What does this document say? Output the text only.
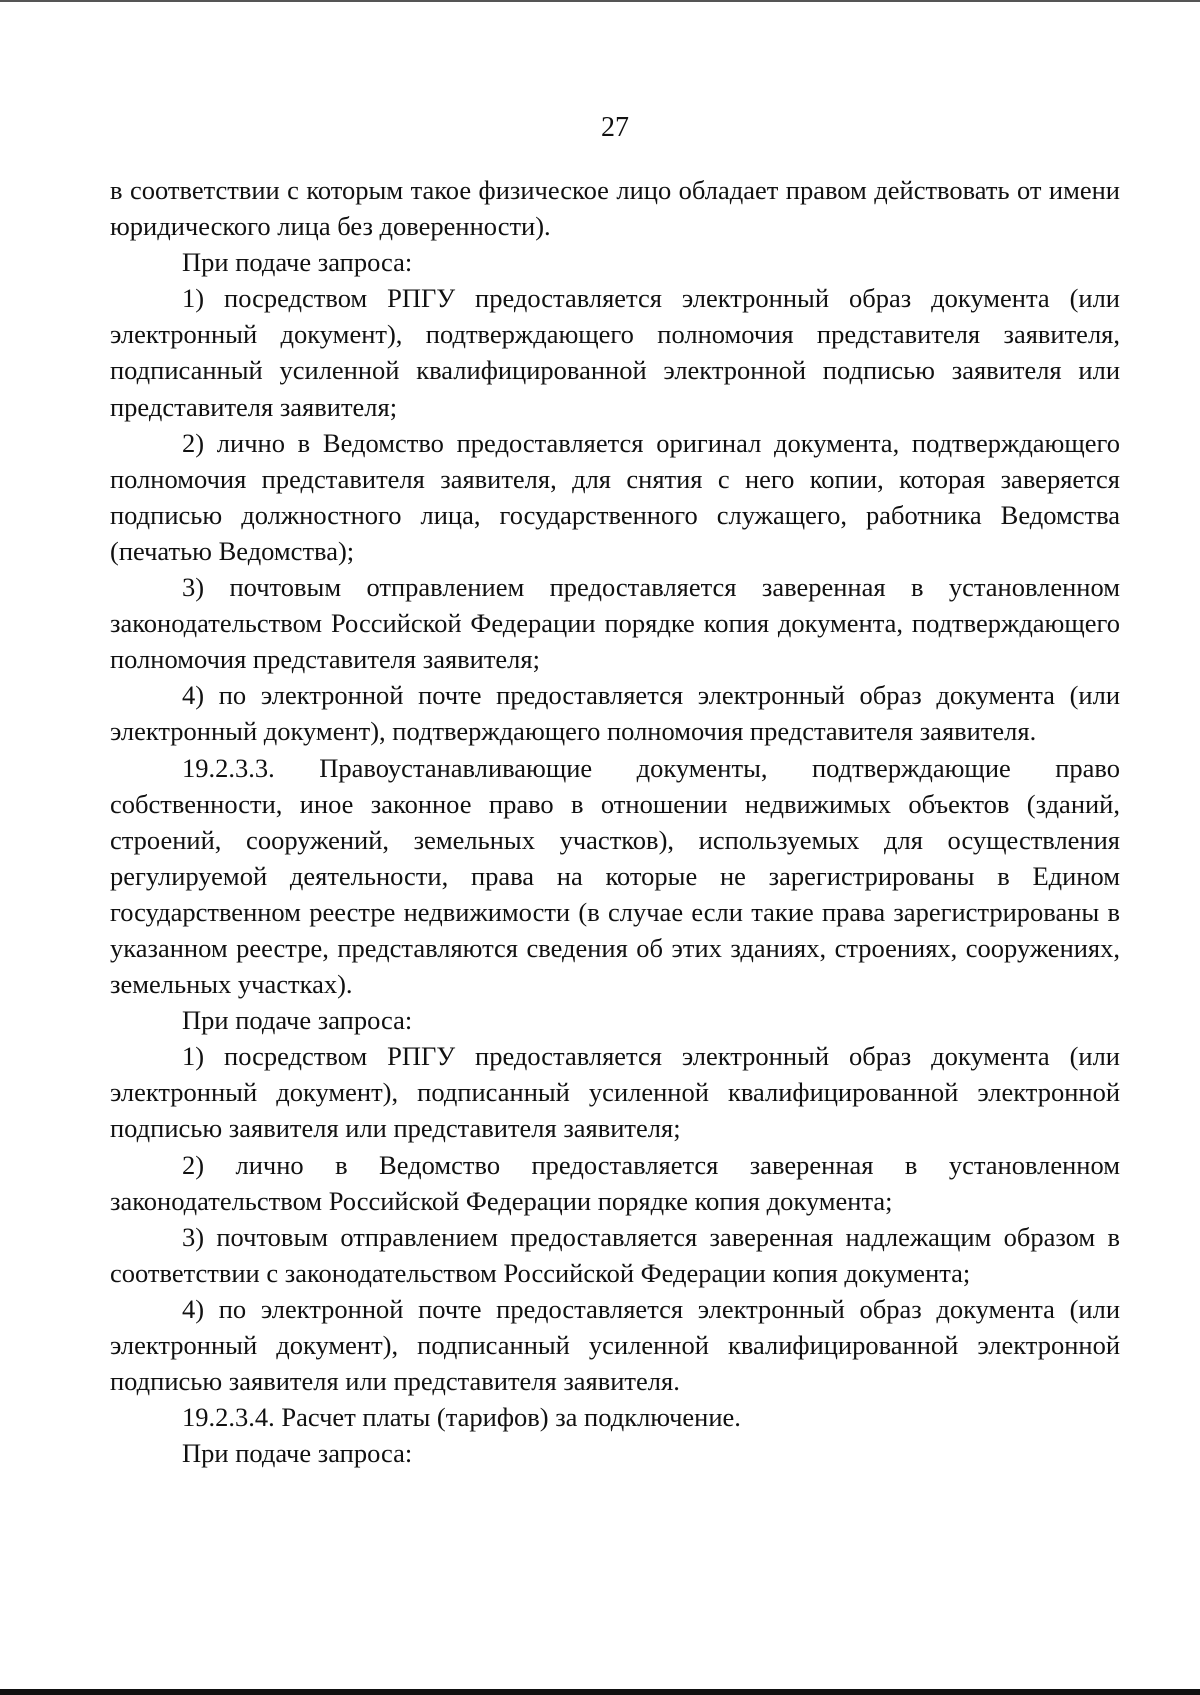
27

в соответствии с которым такое физическое лицо обладает правом действовать от имени юридического лица без доверенности).

При подаче запроса:

1) посредством РПГУ предоставляется электронный образ документа (или электронный документ), подтверждающего полномочия представителя заявителя, подписанный усиленной квалифицированной электронной подписью заявителя или представителя заявителя;

2) лично в Ведомство предоставляется оригинал документа, подтверждающего полномочия представителя заявителя, для снятия с него копии, которая заверяется подписью должностного лица, государственного служащего, работника Ведомства (печатью Ведомства);

3) почтовым отправлением предоставляется заверенная в установленном законодательством Российской Федерации порядке копия документа, подтверждающего полномочия представителя заявителя;

4) по электронной почте предоставляется электронный образ документа (или электронный документ), подтверждающего полномочия представителя заявителя.

19.2.3.3. Правоустанавливающие документы, подтверждающие право собственности, иное законное право в отношении недвижимых объектов (зданий, строений, сооружений, земельных участков), используемых для осуществления регулируемой деятельности, права на которые не зарегистрированы в Едином государственном реестре недвижимости (в случае если такие права зарегистрированы в указанном реестре, представляются сведения об этих зданиях, строениях, сооружениях, земельных участках).

При подаче запроса:

1) посредством РПГУ предоставляется электронный образ документа (или электронный документ), подписанный усиленной квалифицированной электронной подписью заявителя или представителя заявителя;

2) лично в Ведомство предоставляется заверенная в установленном законодательством Российской Федерации порядке копия документа;

3) почтовым отправлением предоставляется заверенная надлежащим образом в соответствии с законодательством Российской Федерации копия документа;

4) по электронной почте предоставляется электронный образ документа (или электронный документ), подписанный усиленной квалифицированной электронной подписью заявителя или представителя заявителя.

19.2.3.4. Расчет платы (тарифов) за подключение.

При подаче запроса:
